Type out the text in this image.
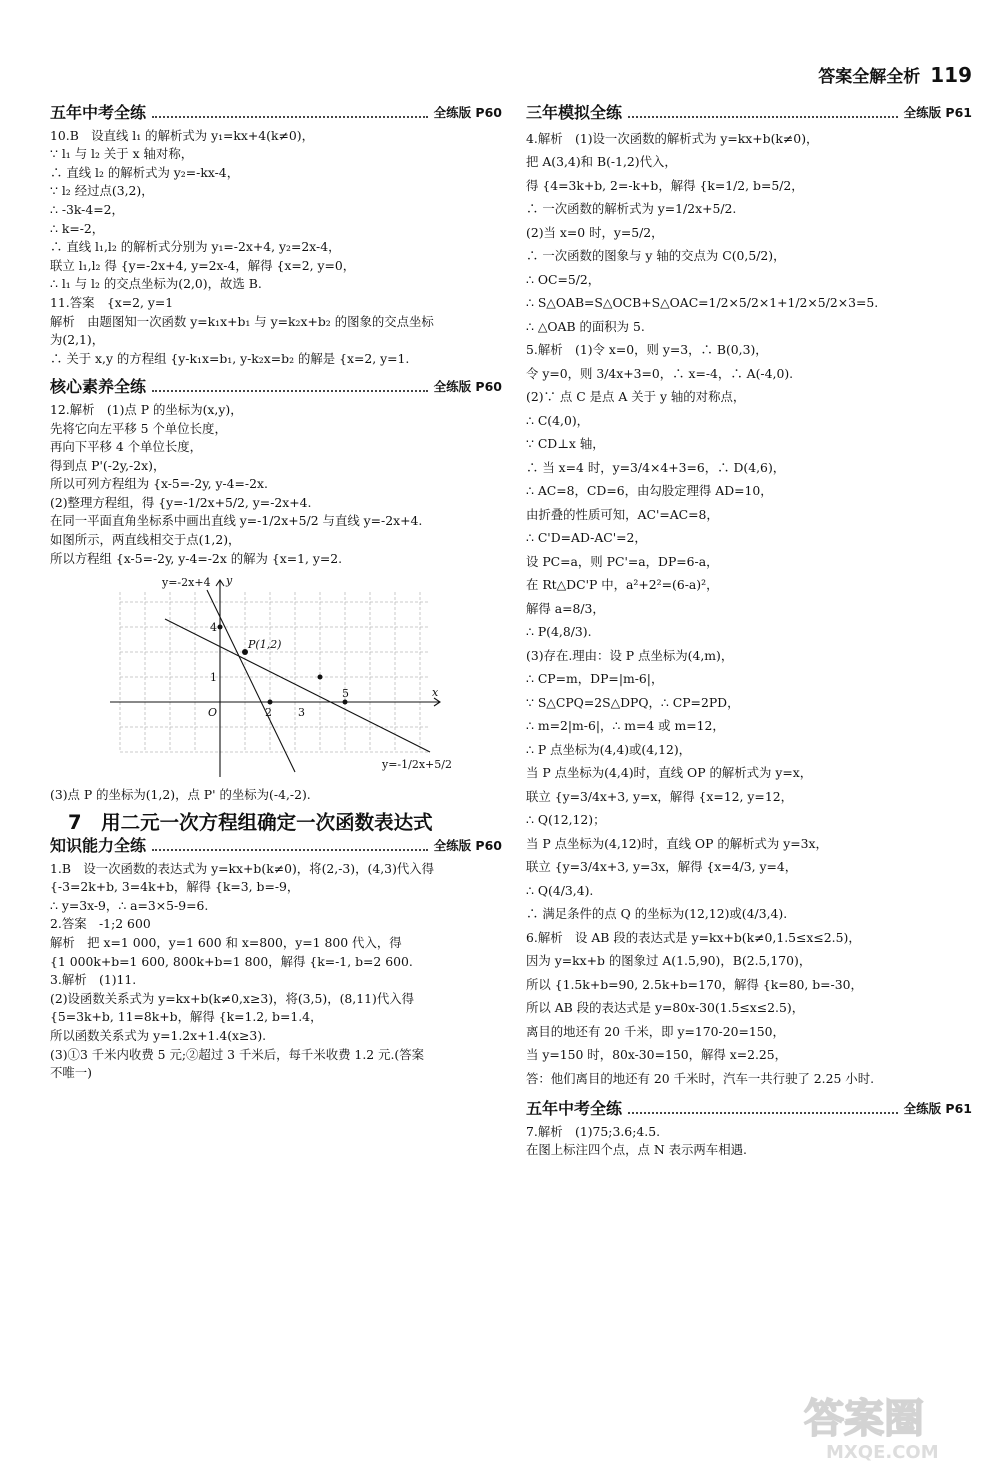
答案全解全析 119
五年中考全练	全练版 P60
10.B　设直线 l₁ 的解析式为 y₁=kx+4(k≠0)，
∵ l₁ 与 l₂ 关于 x 轴对称，
∴ 直线 l₂ 的解析式为 y₂=-kx-4，
∵ l₂ 经过点(3,2)，
∴ -3k-4=2，
∴ k=-2，
∴ 直线 l₁,l₂ 的解析式分别为 y₁=-2x+4, y₂=2x-4，
联立 l₁,l₂ 得 {y=-2x+4, y=2x-4，解得 {x=2, y=0，
∴ l₁ 与 l₂ 的交点坐标为(2,0)，故选 B.
11.答案　{x=2, y=1
解析　由题图知一次函数 y=k₁x+b₁ 与 y=k₂x+b₂ 的图象的交点坐标
为(2,1)，
∴ 关于 x,y 的方程组 {y-k₁x=b₁, y-k₂x=b₂ 的解是 {x=2, y=1.
核心素养全练	全练版 P60
12.解析　(1)点 P 的坐标为(x,y)，
先将它向左平移 5 个单位长度，
再向下平移 4 个单位长度，
得到点 P'(-2y,-2x)，
所以可列方程组为 {x-5=-2y, y-4=-2x.
(2)整理方程组，得 {y=-1/2x+5/2, y=-2x+4.
在同一平面直角坐标系中画出直线 y=-1/2x+5/2 与直线 y=-2x+4.
如图所示，两直线相交于点(1,2)，
所以方程组 {x-5=-2y, y-4=-2x 的解为 {x=1, y=2.
y=-2x+4 y
x
O
P(1,2)
4
1
2 3
5
y=-1/2x+5/2
(3)点 P 的坐标为(1,2)，点 P' 的坐标为(-4,-2).
7　用二元一次方程组确定一次函数表达式
知识能力全练	全练版 P60
1.B　设一次函数的表达式为 y=kx+b(k≠0)，将(2,-3)，(4,3)代入得
{-3=2k+b, 3=4k+b，解得 {k=3, b=-9，
∴ y=3x-9，∴ a=3×5-9=6.
2.答案　-1;2 600
解析　把 x=1 000，y=1 600 和 x=800，y=1 800 代入，得
{1 000k+b=1 600, 800k+b=1 800，解得 {k=-1, b=2 600.
3.解析　(1)11.
(2)设函数关系式为 y=kx+b(k≠0,x≥3)，将(3,5)，(8,11)代入得
{5=3k+b, 11=8k+b，解得 {k=1.2, b=1.4，
所以函数关系式为 y=1.2x+1.4(x≥3).
(3)①3 千米内收费 5 元;②超过 3 千米后，每千米收费 1.2 元.(答案
不唯一)
三年模拟全练	全练版 P61
4.解析　(1)设一次函数的解析式为 y=kx+b(k≠0)，
把 A(3,4)和 B(-1,2)代入，
得 {4=3k+b, 2=-k+b，解得 {k=1/2, b=5/2，
∴ 一次函数的解析式为 y=1/2x+5/2.
(2)当 x=0 时，y=5/2，
∴ 一次函数的图象与 y 轴的交点为 C(0,5/2)，
∴ OC=5/2，
∴ S△OAB=S△OCB+S△OAC=1/2×5/2×1+1/2×5/2×3=5.
∴ △OAB 的面积为 5.
5.解析　(1)令 x=0，则 y=3，∴ B(0,3)，
令 y=0，则 3/4x+3=0，∴ x=-4，∴ A(-4,0).
(2)∵ 点 C 是点 A 关于 y 轴的对称点，
∴ C(4,0)，
∵ CD⊥x 轴，
∴ 当 x=4 时，y=3/4×4+3=6，∴ D(4,6)，
∴ AC=8，CD=6，由勾股定理得 AD=10，
由折叠的性质可知，AC'=AC=8，
∴ C'D=AD-AC'=2，
设 PC=a，则 PC'=a，DP=6-a，
在 Rt△DC'P 中，a²+2²=(6-a)²，
解得 a=8/3，
∴ P(4,8/3).
(3)存在.理由：设 P 点坐标为(4,m)，
∴ CP=m，DP=|m-6|，
∵ S△CPQ=2S△DPQ，∴ CP=2PD，
∴ m=2|m-6|，∴ m=4 或 m=12，
∴ P 点坐标为(4,4)或(4,12)，
当 P 点坐标为(4,4)时，直线 OP 的解析式为 y=x，
联立 {y=3/4x+3, y=x，解得 {x=12, y=12，
∴ Q(12,12)；
当 P 点坐标为(4,12)时，直线 OP 的解析式为 y=3x，
联立 {y=3/4x+3, y=3x，解得 {x=4/3, y=4，
∴ Q(4/3,4).
∴ 满足条件的点 Q 的坐标为(12,12)或(4/3,4).
6.解析　设 AB 段的表达式是 y=kx+b(k≠0,1.5≤x≤2.5)，
因为 y=kx+b 的图象过 A(1.5,90)，B(2.5,170)，
所以 {1.5k+b=90, 2.5k+b=170，解得 {k=80, b=-30，
所以 AB 段的表达式是 y=80x-30(1.5≤x≤2.5)，
离目的地还有 20 千米，即 y=170-20=150，
当 y=150 时，80x-30=150，解得 x=2.25，
答：他们离目的地还有 20 千米时，汽车一共行驶了 2.25 小时.
五年中考全练	全练版 P61
7.解析　(1)75;3.6;4.5.
在图上标注四个点，点 N 表示两车相遇.
答案圈
MXQE.COM
